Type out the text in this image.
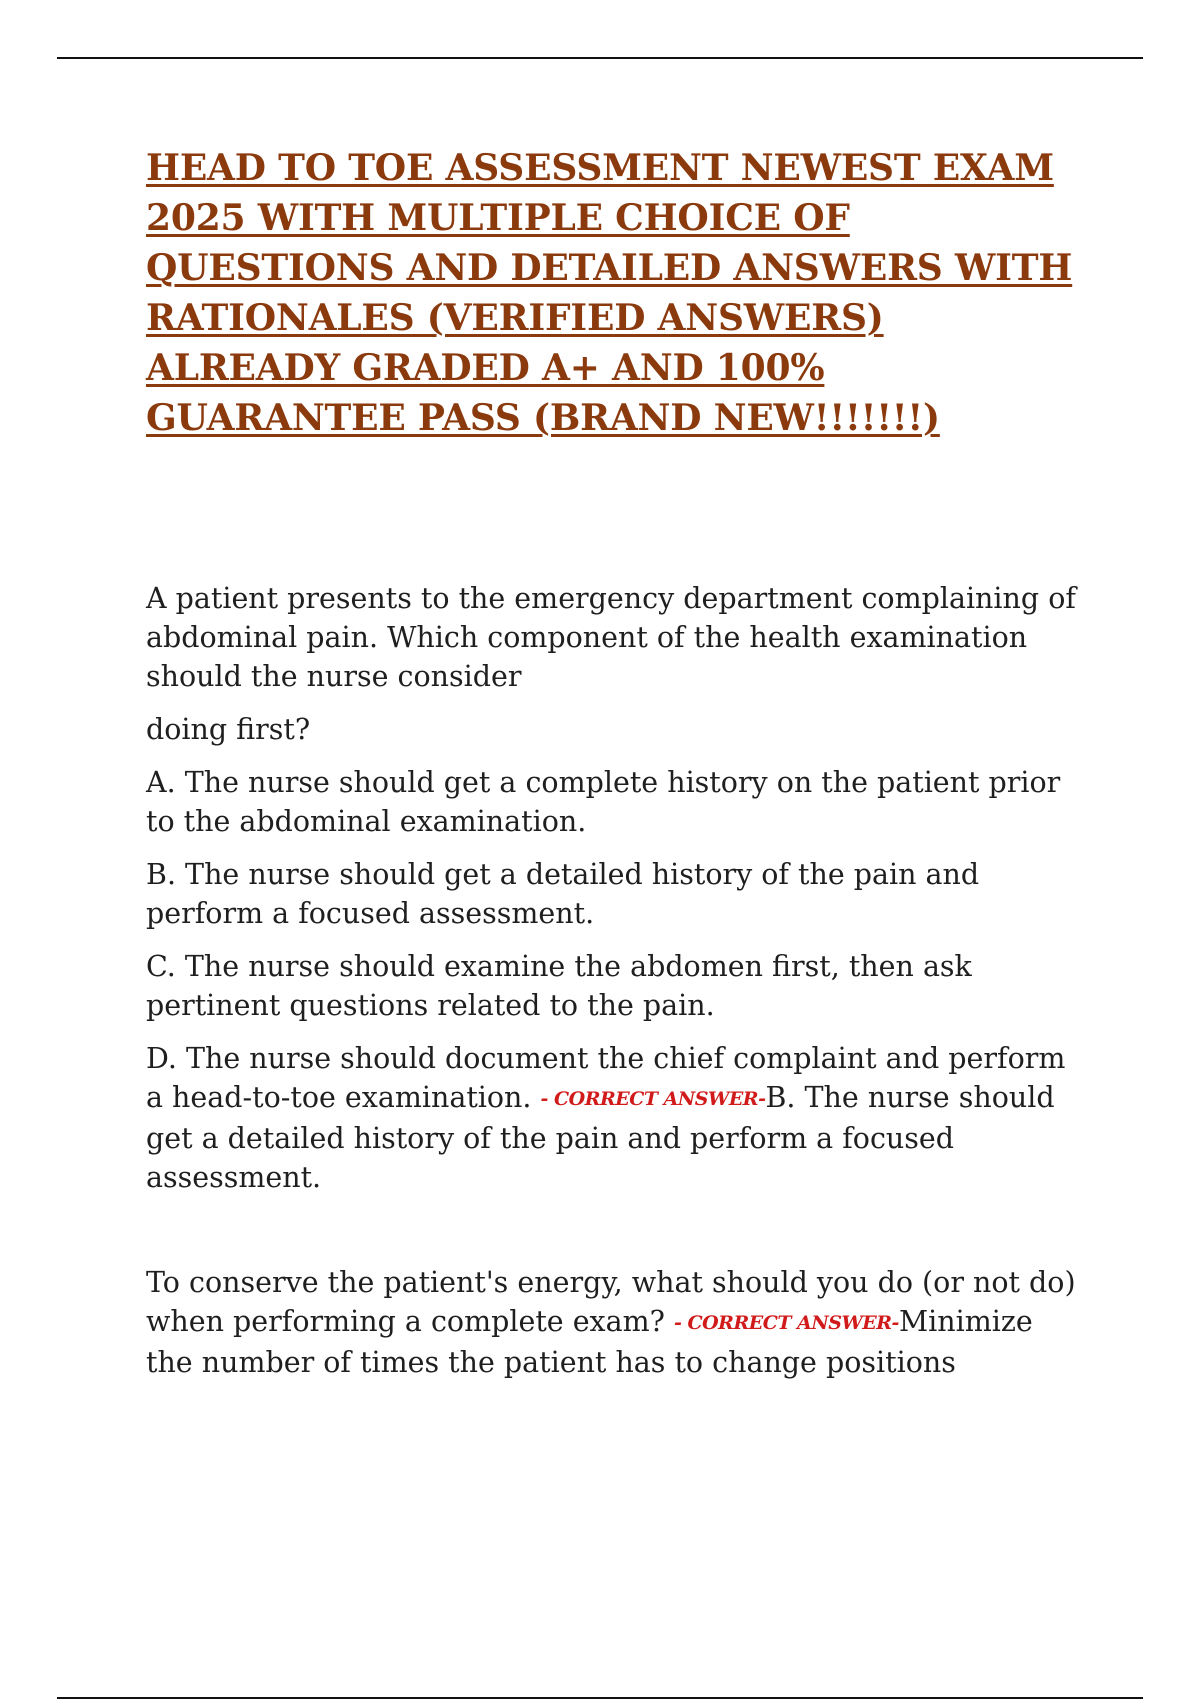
HEAD TO TOE ASSESSMENT NEWEST EXAM 2025 WITH MULTIPLE CHOICE OF QUESTIONS AND DETAILED ANSWERS WITH RATIONALES (VERIFIED ANSWERS) ALREADY GRADED A+ AND 100% GUARANTEE PASS (BRAND NEW!!!!!!!)

A patient presents to the emergency department complaining of abdominal pain. Which component of the health examination should the nurse consider

doing first?

A. The nurse should get a complete history on the patient prior to the abdominal examination.

B. The nurse should get a detailed history of the pain and perform a focused assessment.

C. The nurse should examine the abdomen first, then ask pertinent questions related to the pain.

D. The nurse should document the chief complaint and perform a head-to-toe examination. - CORRECT ANSWER-B. The nurse should get a detailed history of the pain and perform a focused assessment.

To conserve the patient's energy, what should you do (or not do) when performing a complete exam? - CORRECT ANSWER-Minimize the number of times the patient has to change positions
